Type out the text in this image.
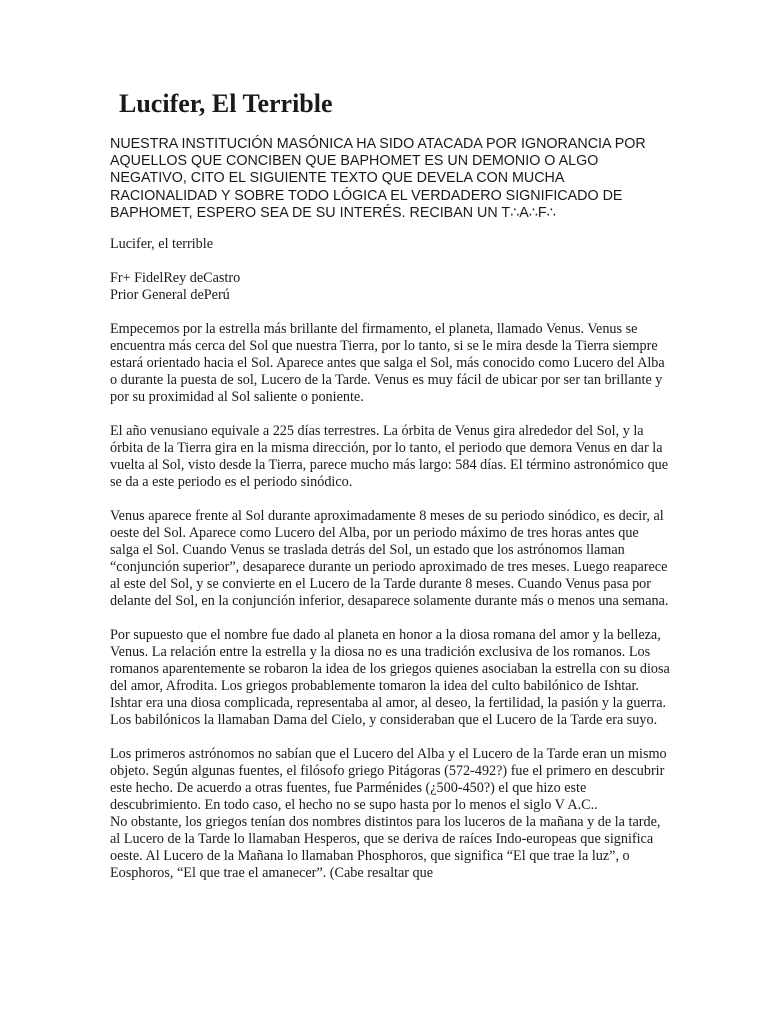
Lucifer, El Terrible

NUESTRA INSTITUCIÓN MASÓNICA HA SIDO ATACADA POR IGNORANCIA POR AQUELLOS QUE CONCIBEN QUE BAPHOMET ES UN DEMONIO O ALGO NEGATIVO, CITO EL SIGUIENTE TEXTO QUE DEVELA CON MUCHA RACIONALIDAD Y SOBRE TODO LÓGICA EL VERDADERO SIGNIFICADO DE BAPHOMET, ESPERO SEA DE SU INTERÉS. RECIBAN UN T∴A∴F∴

Lucifer, el terrible

Fr+ FidelRey deCastro

Prior General dePerú

Empecemos por la estrella más brillante del firmamento, el planeta, llamado Venus. Venus se encuentra más cerca del Sol que nuestra Tierra, por lo tanto, si se le mira desde la Tierra siempre estará orientado hacia el Sol. Aparece antes que salga el Sol, más conocido como Lucero del Alba o durante la puesta de sol, Lucero de la Tarde. Venus es muy fácil de ubicar por ser tan brillante y por su proximidad al Sol saliente o poniente.

El año venusiano equivale a 225 días terrestres. La órbita de Venus gira alrededor del Sol, y la órbita de la Tierra gira en la misma dirección, por lo tanto, el periodo que demora Venus en dar la vuelta al Sol, visto desde la Tierra, parece mucho más largo: 584 días. El término astronómico que se da a este periodo es el periodo sinódico.

Venus aparece frente al Sol durante aproximadamente 8 meses de su periodo sinódico, es decir, al oeste del Sol. Aparece como Lucero del Alba, por un periodo máximo de tres horas antes que salga el Sol. Cuando Venus se traslada detrás del Sol, un estado que los astrónomos llaman “conjunción superior”, desaparece durante un periodo aproximado de tres meses. Luego reaparece al este del Sol, y se convierte en el Lucero de la Tarde durante 8 meses. Cuando Venus pasa por delante del Sol, en la conjunción inferior, desaparece solamente durante más o menos una semana.

Por supuesto que el nombre fue dado al planeta en honor a la diosa romana del amor y la belleza, Venus. La relación entre la estrella y la diosa no es una tradición exclusiva de los romanos. Los romanos aparentemente se robaron la idea de los griegos quienes asociaban la estrella con su diosa del amor, Afrodita. Los griegos probablemente tomaron la idea del culto babilónico de Ishtar. Ishtar era una diosa complicada, representaba al amor, al deseo, la fertilidad, la pasión y la guerra. Los babilónicos la llamaban Dama del Cielo, y consideraban que el Lucero de la Tarde era suyo.

Los primeros astrónomos no sabían que el Lucero del Alba y el Lucero de la Tarde eran un mismo objeto. Según algunas fuentes, el filósofo griego Pitágoras (572-492?) fue el primero en descubrir este hecho. De acuerdo a otras fuentes, fue Parménides (¿500-450?) el que hizo este descubrimiento. En todo caso, el hecho no se supo hasta por lo menos el siglo V A.C..

No obstante, los griegos tenían dos nombres distintos para los luceros de la mañana y de la tarde, al Lucero de la Tarde lo llamaban Hesperos, que se deriva de raíces Indo-europeas que significa oeste. Al Lucero de la Mañana lo llamaban Phosphoros, que significa “El que trae la luz”, o Eosphoros, “El que trae el amanecer”. (Cabe resaltar que
